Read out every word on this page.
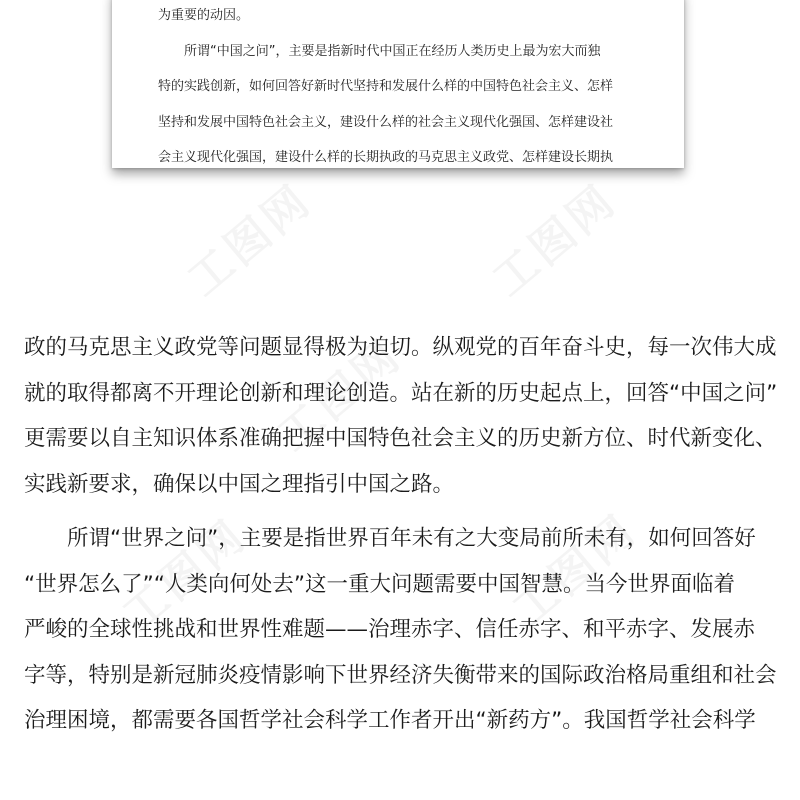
为重要的动因。
所谓“中国之问”，主要是指新时代中国正在经历人类历史上最为宏大而独
特的实践创新，如何回答好新时代坚持和发展什么样的中国特色社会主义、怎样
坚持和发展中国特色社会主义，建设什么样的社会主义现代化强国、怎样建设社
会主义现代化强国，建设什么样的长期执政的马克思主义政党、怎样建设长期执
政的马克思主义政党等问题显得极为迫切。纵观党的百年奋斗史，每一次伟大成
就的取得都离不开理论创新和理论创造。站在新的历史起点上，回答“中国之问”
更需要以自主知识体系准确把握中国特色社会主义的历史新方位、时代新变化、
实践新要求，确保以中国之理指引中国之路。
所谓“世界之问”，主要是指世界百年未有之大变局前所未有，如何回答好
“世界怎么了”“人类向何处去”这一重大问题需要中国智慧。当今世界面临着
严峻的全球性挑战和世界性难题——治理赤字、信任赤字、和平赤字、发展赤
字等，特别是新冠肺炎疫情影响下世界经济失衡带来的国际政治格局重组和社会
治理困境，都需要各国哲学社会科学工作者开出“新药方”。我国哲学社会科学
